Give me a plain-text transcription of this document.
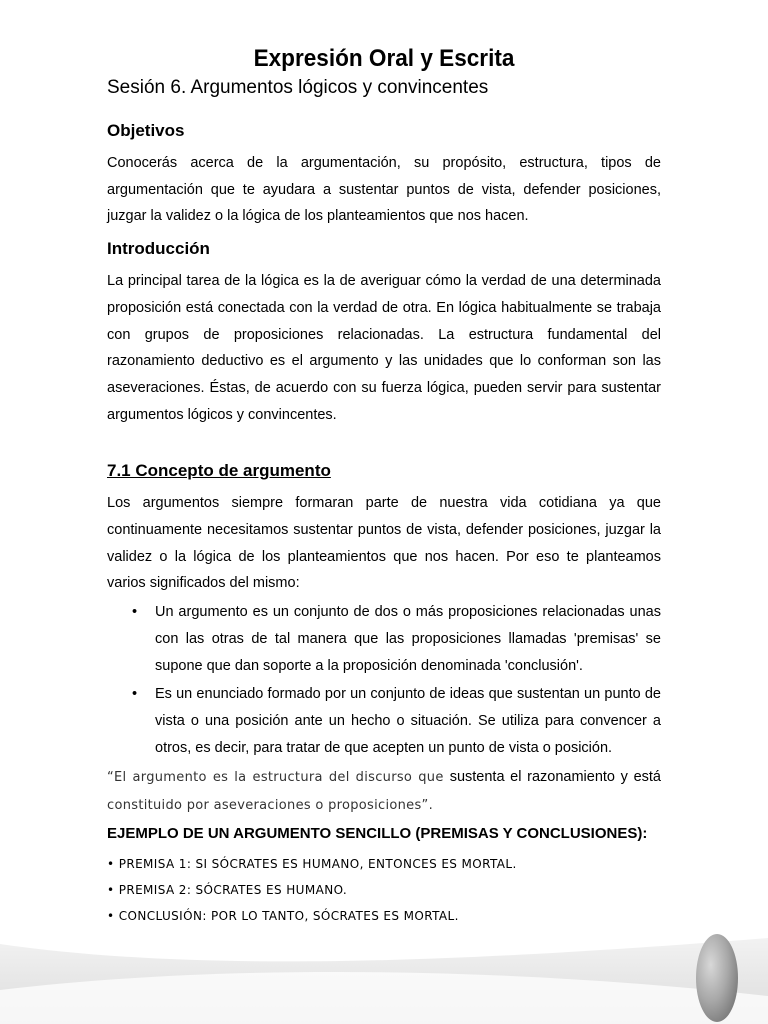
Expresión Oral y Escrita
Sesión 6. Argumentos lógicos y convincentes
Objetivos

Conocerás acerca de la argumentación, su propósito, estructura, tipos de argumentación que te ayudara a sustentar puntos de vista, defender posiciones, juzgar la validez o la lógica de los planteamientos que nos hacen.

Introducción

La principal tarea de la lógica es la de averiguar cómo la verdad de una determinada proposición está conectada con la verdad de otra. En lógica habitualmente se trabaja con grupos de proposiciones relacionadas. La estructura fundamental del razonamiento deductivo es el argumento y las unidades que lo conforman son las aseveraciones. Éstas, de acuerdo con su fuerza lógica, pueden servir para sustentar argumentos lógicos y convincentes.

7.1 Concepto de argumento

Los argumentos siempre formaran parte de nuestra vida cotidiana ya que continuamente necesitamos sustentar puntos de vista, defender posiciones, juzgar la validez o la lógica de los planteamientos que nos hacen. Por eso te planteamos varios significados del mismo:

• Un argumento es un conjunto de dos o más proposiciones relacionadas unas con las otras de tal manera que las proposiciones llamadas 'premisas' se supone que dan soporte a la proposición denominada 'conclusión'.
• Es un enunciado formado por un conjunto de ideas que sustentan un punto de vista o una posición ante un hecho o situación. Se utiliza para convencer a otros, es decir, para tratar de que acepten un punto de vista o posición.

“El argumento es la estructura del discurso que sustenta el razonamiento y está constituido por aseveraciones o proposiciones”.

EJEMPLO DE UN ARGUMENTO SENCILLO (PREMISAS Y CONCLUSIONES):

• PREMISA 1: SI SÓCRATES ES HUMANO, ENTONCES ES MORTAL.

• PREMISA 2: SÓCRATES ES HUMANO.

• CONCLUSIÓN: POR LO TANTO, SÓCRATES ES MORTAL.
